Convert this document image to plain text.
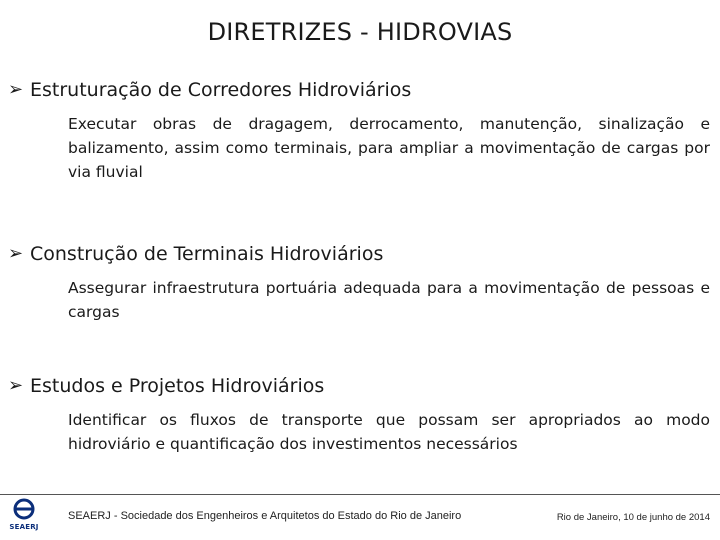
DIRETRIZES - HIDROVIAS
➢ Estruturação de Corredores Hidroviários
Executar obras de dragagem, derrocamento, manutenção, sinalização e balizamento, assim como terminais, para ampliar a movimentação de cargas por via fluvial
➢ Construção de Terminais Hidroviários
Assegurar infraestrutura portuária adequada para a movimentação de pessoas e cargas
➢ Estudos e Projetos Hidroviários
Identificar os fluxos de transporte que possam ser apropriados ao modo hidroviário e quantificação dos investimentos necessários
SEAERJ
SEAERJ - Sociedade dos Engenheiros e Arquitetos do Estado do Rio de Janeiro	Rio de Janeiro, 10 de junho de 2014
